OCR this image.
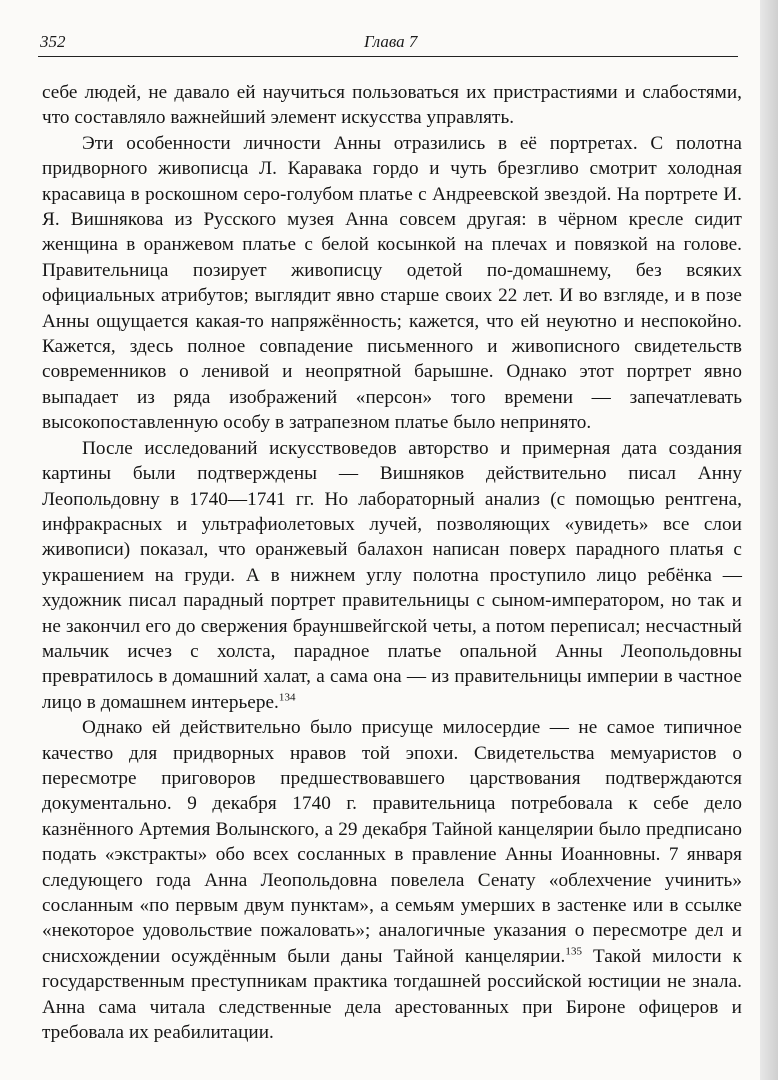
352	Глава 7

себе людей, не давало ей научиться пользоваться их пристрастиями и слабостями, что составляло важнейший элемент искусства управлять.

Эти особенности личности Анны отразились в её портретах. С полотна придворного живописца Л. Каравака гордо и чуть брезгливо смотрит холодная красавица в роскошном серо-голубом платье с Андреевской звездой. На портрете И. Я. Вишнякова из Русского музея Анна совсем другая: в чёрном кресле сидит женщина в оранжевом платье с белой косынкой на плечах и повязкой на голове. Правительница позирует живописцу одетой по-домашнему, без всяких официальных атрибутов; выглядит явно старше своих 22 лет. И во взгляде, и в позе Анны ощущается какая-то напряжённость; кажется, что ей неуютно и неспокойно. Кажется, здесь полное совпадение письменного и живописного свидетельств современников о ленивой и неопрятной барышне. Однако этот портрет явно выпадает из ряда изображений «персон» того времени — запечатлевать высокопоставленную особу в затрапезном платье было непринято.

После исследований искусствоведов авторство и примерная дата создания картины были подтверждены — Вишняков действительно писал Анну Леопольдовну в 1740—1741 гг. Но лабораторный анализ (с помощью рентгена, инфракрасных и ультрафиолетовых лучей, позволяющих «увидеть» все слои живописи) показал, что оранжевый балахон написан поверх парадного платья с украшением на груди. А в нижнем углу полотна проступило лицо ребёнка — художник писал парадный портрет правительницы с сыном-императором, но так и не закончил его до свержения брауншвейгской четы, а потом переписал; несчастный мальчик исчез с холста, парадное платье опальной Анны Леопольдовны превратилось в домашний халат, а сама она — из правительницы империи в частное лицо в домашнем интерьере.$^{134}$

Однако ей действительно было присуще милосердие — не самое типичное качество для придворных нравов той эпохи. Свидетельства мемуаристов о пересмотре приговоров предшествовавшего царствования подтверждаются документально. 9 декабря 1740 г. правительница потребовала к себе дело казнённого Артемия Волынского, а 29 декабря Тайной канцелярии было предписано подать «экстракты» обо всех сосланных в правление Анны Иоанновны. 7 января следующего года Анна Леопольдовна повелела Сенату «облехчение учинить» сосланным «по первым двум пунктам», а семьям умерших в застенке или в ссылке «некоторое удовольствие пожаловать»; аналогичные указания о пересмотре дел и снисхождении осуждённым были даны Тайной канцелярии.$^{135}$ Такой милости к государственным преступникам практика тогдашней российской юстиции не знала. Анна сама читала следственные дела арестованных при Бироне офицеров и требовала их реабилитации.
